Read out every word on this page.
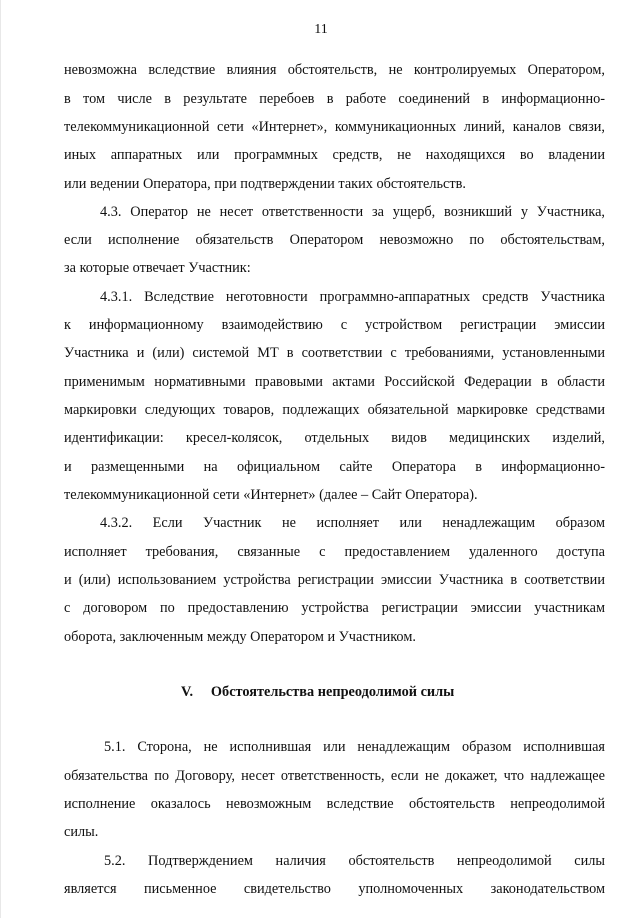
11
невозможна вследствие влияния обстоятельств, не контролируемых Оператором,
в том числе в результате перебоев в работе соединений в информационно-
телекоммуникационной сети «Интернет», коммуникационных линий, каналов связи,
иных аппаратных или программных средств, не находящихся во владении
или ведении Оператора, при подтверждении таких обстоятельств.
4.3. Оператор не несет ответственности за ущерб, возникший у Участника,
если исполнение обязательств Оператором невозможно по обстоятельствам,
за которые отвечает Участник:
4.3.1. Вследствие неготовности программно-аппаратных средств Участника
к информационному взаимодействию с устройством регистрации эмиссии
Участника и (или) системой МТ в соответствии с требованиями, установленными
применимым нормативными правовыми актами Российской Федерации в области
маркировки следующих товаров, подлежащих обязательной маркировке средствами
идентификации: кресел-колясок, отдельных видов медицинских изделий,
и размещенными на официальном сайте Оператора в информационно-
телекоммуникационной сети «Интернет» (далее – Сайт Оператора).
4.3.2. Если Участник не исполняет или ненадлежащим образом
исполняет требования, связанные с предоставлением удаленного доступа
и (или) использованием устройства регистрации эмиссии Участника в соответствии
с договором по предоставлению устройства регистрации эмиссии участникам
оборота, заключенным между Оператором и Участником.
V.     Обстоятельства непреодолимой силы
5.1. Сторона, не исполнившая или ненадлежащим образом исполнившая
обязательства по Договору, несет ответственность, если не докажет, что надлежащее
исполнение оказалось невозможным вследствие обстоятельств непреодолимой
силы.
5.2. Подтверждением наличия обстоятельств непреодолимой силы
является письменное свидетельство уполномоченных законодательством
